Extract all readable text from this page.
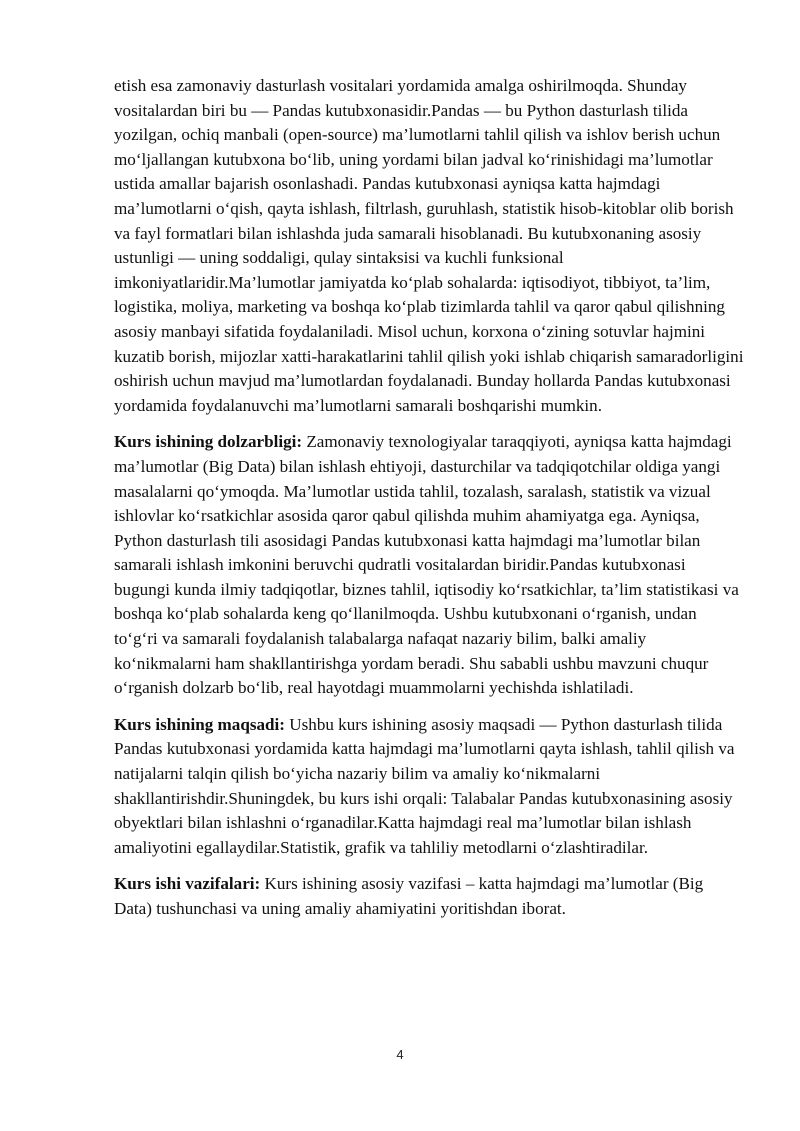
etish esa zamonaviy dasturlash vositalari yordamida amalga oshirilmoqda. Shunday vositalardan biri bu — Pandas kutubxonasidir.Pandas — bu Python dasturlash tilida yozilgan, ochiq manbali (open-source) ma’lumotlarni tahlil qilish va ishlov berish uchun mo‘ljallangan kutubxona bo‘lib, uning yordami bilan jadval ko‘rinishidagi ma’lumotlar ustida amallar bajarish osonlashadi. Pandas kutubxonasi ayniqsa katta hajmdagi ma’lumotlarni o‘qish, qayta ishlash, filtrlash, guruhlash, statistik hisob-kitoblar olib borish va fayl formatlari bilan ishlashda juda samarali hisoblanadi. Bu kutubxonaning asosiy ustunligi — uning soddaligi, qulay sintaksisi va kuchli funksional imkoniyatlaridir.Ma’lumotlar jamiyatda ko‘plab sohalarda: iqtisodiyot, tibbiyot, ta’lim, logistika, moliya, marketing va boshqa ko‘plab tizimlarda tahlil va qaror qabul qilishning asosiy manbayi sifatida foydalaniladi. Misol uchun, korxona o‘zining sotuvlar hajmini kuzatib borish, mijozlar xatti-harakatlarini tahlil qilish yoki ishlab chiqarish samaradorligini oshirish uchun mavjud ma’lumotlardan foydalanadi. Bunday hollarda Pandas kutubxonasi yordamida foydalanuvchi ma’lumotlarni samarali boshqarishi mumkin.

Kurs ishining dolzarbligi: Zamonaviy texnologiyalar taraqqiyoti, ayniqsa katta hajmdagi ma’lumotlar (Big Data) bilan ishlash ehtiyoji, dasturchilar va tadqiqotchilar oldiga yangi masalalarni qo‘ymoqda. Ma’lumotlar ustida tahlil, tozalash, saralash, statistik va vizual ishlovlar ko‘rsatkichlar asosida qaror qabul qilishda muhim ahamiyatga ega. Ayniqsa, Python dasturlash tili asosidagi Pandas kutubxonasi katta hajmdagi ma’lumotlar bilan samarali ishlash imkonini beruvchi qudratli vositalardan biridir.Pandas kutubxonasi bugungi kunda ilmiy tadqiqotlar, biznes tahlil, iqtisodiy ko‘rsatkichlar, ta’lim statistikasi va boshqa ko‘plab sohalarda keng qo‘llanilmoqda. Ushbu kutubxonani o‘rganish, undan to‘g‘ri va samarali foydalanish talabalarga nafaqat nazariy bilim, balki amaliy ko‘nikmalarni ham shakllantirishga yordam beradi. Shu sababli ushbu mavzuni chuqur o‘rganish dolzarb bo‘lib, real hayotdagi muammolarni yechishda ishlatiladi.

Kurs ishining maqsadi: Ushbu kurs ishining asosiy maqsadi — Python dasturlash tilida Pandas kutubxonasi yordamida katta hajmdagi ma’lumotlarni qayta ishlash, tahlil qilish va natijalarni talqin qilish bo‘yicha nazariy bilim va amaliy ko‘nikmalarni shakllantirishdir.Shuningdek, bu kurs ishi orqali: Talabalar Pandas kutubxonasining asosiy obyektlari bilan ishlashni o‘rganadilar.Katta hajmdagi real ma’lumotlar bilan ishlash amaliyotini egallaydilar.Statistik, grafik va tahliliy metodlarni o‘zlashtiradilar.

Kurs ishi vazifalari: Kurs ishining asosiy vazifasi – katta hajmdagi ma’lumotlar (Big Data) tushunchasi va uning amaliy ahamiyatini yoritishdan iborat.

4
